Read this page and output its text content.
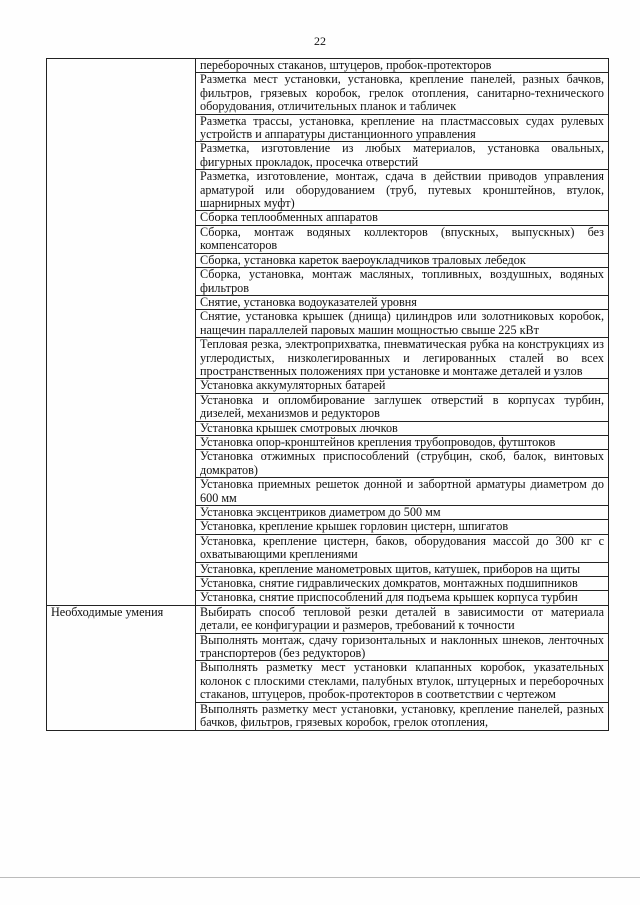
22
	переборочных стаканов, штуцеров, пробок-протекторов
	Разметка мест установки, установка, крепление панелей, разных бачков, фильтров, грязевых коробок, грелок отопления, санитарно-технического оборудования, отличительных планок и табличек
	Разметка трассы, установка, крепление на пластмассовых судах рулевых устройств и аппаратуры дистанционного управления
	Разметка, изготовление из любых материалов, установка овальных, фигурных прокладок, просечка отверстий
	Разметка, изготовление, монтаж, сдача в действии приводов управления арматурой или оборудованием (труб, путевых кронштейнов, втулок, шарнирных муфт)
	Сборка теплообменных аппаратов
	Сборка, монтаж водяных коллекторов (впускных, выпускных) без компенсаторов
	Сборка, установка кареток ваероукладчиков траловых лебедок
	Сборка, установка, монтаж масляных, топливных, воздушных, водяных фильтров
	Снятие, установка водоуказателей уровня
	Снятие, установка крышек (днища) цилиндров или золотниковых коробок, нащечин параллелей паровых машин мощностью свыше 225 кВт
	Тепловая резка, электроприхватка, пневматическая рубка на конструкциях из углеродистых, низколегированных и легированных сталей во всех пространственных положениях при установке и монтаже деталей и узлов
	Установка аккумуляторных батарей
	Установка и опломбирование заглушек отверстий в корпусах турбин, дизелей, механизмов и редукторов
	Установка крышек смотровых лючков
	Установка опор-кронштейнов крепления трубопроводов, футштоков
	Установка отжимных приспособлений (струбцин, скоб, балок, винтовых домкратов)
	Установка приемных решеток донной и забортной арматуры диаметром до 600 мм
	Установка эксцентриков диаметром до 500 мм
	Установка, крепление крышек горловин цистерн, шпигатов
	Установка, крепление цистерн, баков, оборудования массой до 300 кг с охватывающими креплениями
	Установка, крепление манометровых щитов, катушек, приборов на щиты
	Установка, снятие гидравлических домкратов, монтажных подшипников
	Установка, снятие приспособлений для подъема крышек корпуса турбин
Необходимые умения	Выбирать способ тепловой резки деталей в зависимости от материала детали, ее конфигурации и размеров, требований к точности
	Выполнять монтаж, сдачу горизонтальных и наклонных шнеков, ленточных транспортеров (без редукторов)
	Выполнять разметку мест установки клапанных коробок, указательных колонок с плоскими стеклами, палубных втулок, штуцерных и переборочных стаканов, штуцеров, пробок-протекторов в соответствии с чертежом
	Выполнять разметку мест установки, установку, крепление панелей, разных бачков, фильтров, грязевых коробок, грелок отопления,
